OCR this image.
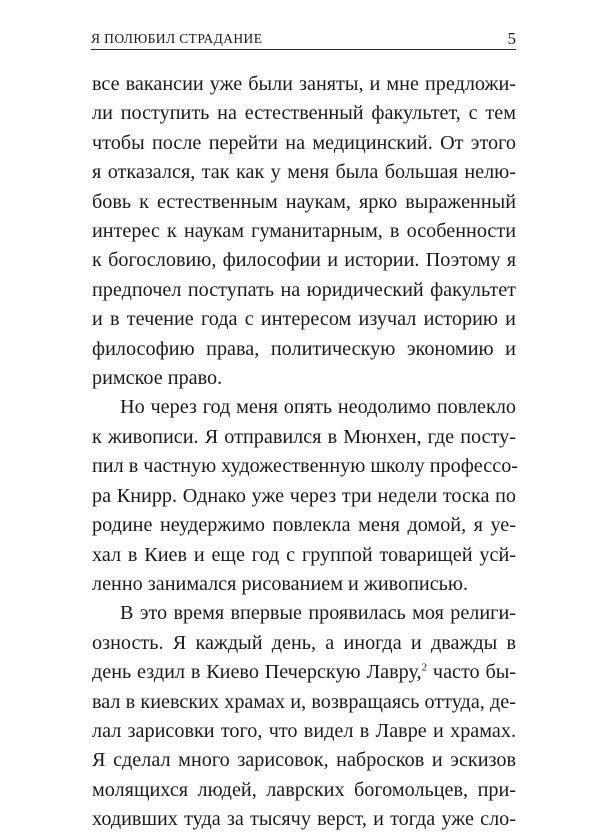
Я ПОЛЮБИЛ СТРАДАНИЕ	5

все вакансии уже были заняты, и мне предложи-
ли поступить на естественный факультет, с тем
чтобы после перейти на медицинский. От этого
я отказался, так как у меня была большая нелю-
бовь к естественным наукам, ярко выраженный
интерес к наукам гуманитарным, в особенности
к богословию, философии и истории. Поэтому я
предпочел поступать на юридический факультет
и в течение года с интересом изучал историю и
философию права, политическую экономию и
римское право.

Но через год меня опять неодолимо повлекло
к живописи. Я отправился в Мюнхен, где посту-
пил в частную художественную школу профессо-
ра Книрр. Однако уже через три недели тоска по
родине неудержимо повлекла меня домой, я уе-
хал в Киев и еще год с группой товарищей усй-
ленно занимался рисованием и живописью.

В это время впервые проявилась моя религи-
озность. Я каждый день, а иногда и дважды в
день ездил в Киево Печерскую Лавру,$^2$ часто бы-
вал в киевских храмах и, возвращаясь оттуда, де-
лал зарисовки того, что видел в Лавре и храмах.
Я сделал много зарисовок, набросков и эскизов
молящихся людей, лаврских богомольцев, при-
ходивших туда за тысячу верст, и тогда уже сло-
